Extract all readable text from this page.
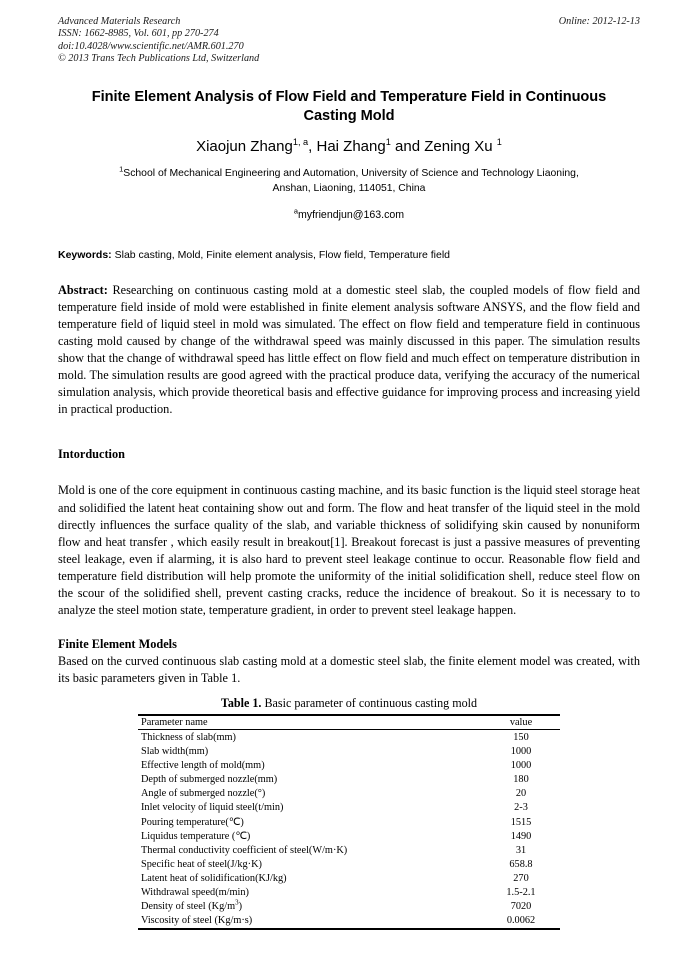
Advanced Materials Research
ISSN: 1662-8985, Vol. 601, pp 270-274
doi:10.4028/www.scientific.net/AMR.601.270
© 2013 Trans Tech Publications Ltd, Switzerland
Online: 2012-12-13
Finite Element Analysis of Flow Field and Temperature Field in Continuous Casting Mold
Xiaojun Zhang$^{1, a}$, Hai Zhang$^1$ and Zening Xu $^1$
$^1$School of Mechanical Engineering and Automation, University of Science and Technology Liaoning,
Anshan, Liaoning, 114051, China
$^a$myfriendjun@163.com
Keywords: Slab casting, Mold, Finite element analysis, Flow field, Temperature field
Abstract: Researching on continuous casting mold at a domestic steel slab, the coupled models of flow field and temperature field inside of mold were established in finite element analysis software ANSYS, and the flow field and temperature field of liquid steel in mold was simulated. The effect on flow field and temperature field in continuous casting mold caused by change of the withdrawal speed was mainly discussed in this paper. The simulation results show that the change of withdrawal speed has little effect on flow field and much effect on temperature distribution in mold. The simulation results are good agreed with the practical produce data, verifying the accuracy of the numerical simulation analysis, which provide theoretical basis and effective guidance for improving process and increasing yield in practical production.
Intorduction
Mold is one of the core equipment in continuous casting machine, and its basic function is the liquid steel storage heat and solidified the latent heat containing show out and form. The flow and heat transfer of the liquid steel in the mold directly influences the surface quality of the slab, and variable thickness of solidifying skin caused by nonuniform flow and heat transfer , which easily result in breakout[1]. Breakout forecast is just a passive measures of preventing steel leakage, even if alarming, it is also hard to prevent steel leakage continue to occur. Reasonable flow field and temperature field distribution will help promote the uniformity of the initial solidification shell, reduce steel flow on the scour of the solidified shell, prevent casting cracks, reduce the incidence of breakout. So it is necessary to to analyze the steel motion state, temperature gradient, in order to prevent steel leakage happen.
Finite Element Models
Based on the curved continuous slab casting mold at a domestic steel slab, the finite element model was created, with its basic parameters given in Table 1.
Table 1. Basic parameter of continuous casting mold
Parameter name	value
Thickness of slab(mm)	150
Slab width(mm)	1000
Effective length of mold(mm)	1000
Depth of submerged nozzle(mm)	180
Angle of submerged nozzle(°)	20
Inlet velocity of liquid steel(t/min)	2-3
Pouring temperature(℃)	1515
Liquidus temperature (℃)	1490
Thermal conductivity coefficient of steel(W/m·K)	31
Specific heat of steel(J/kg·K)	658.8
Latent heat of solidification(KJ/kg)	270
Withdrawal speed(m/min)	1.5-2.1
Density of steel $(Kg/m^3)$	7020
Viscosity of steel (Kg/m·s)	0.0062
